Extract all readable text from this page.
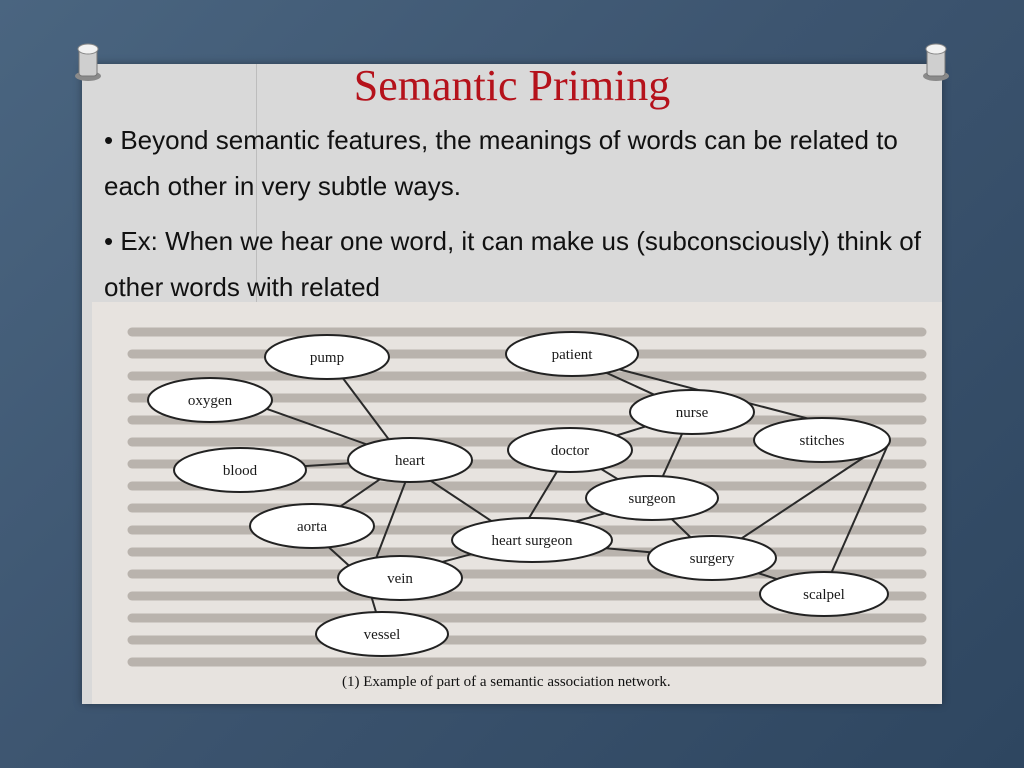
Semantic Priming
• Beyond semantic features, the meanings of words can be related to each other in very subtle ways.
• Ex: When we hear one word, it can make us (subconsciously) think of other words with related
pump
oxygen
blood
heart
aorta
vein
vessel
patient
nurse
doctor
stitches
surgeon
heart surgeon
surgery
scalpel
(1) Example of part of a semantic association network.
